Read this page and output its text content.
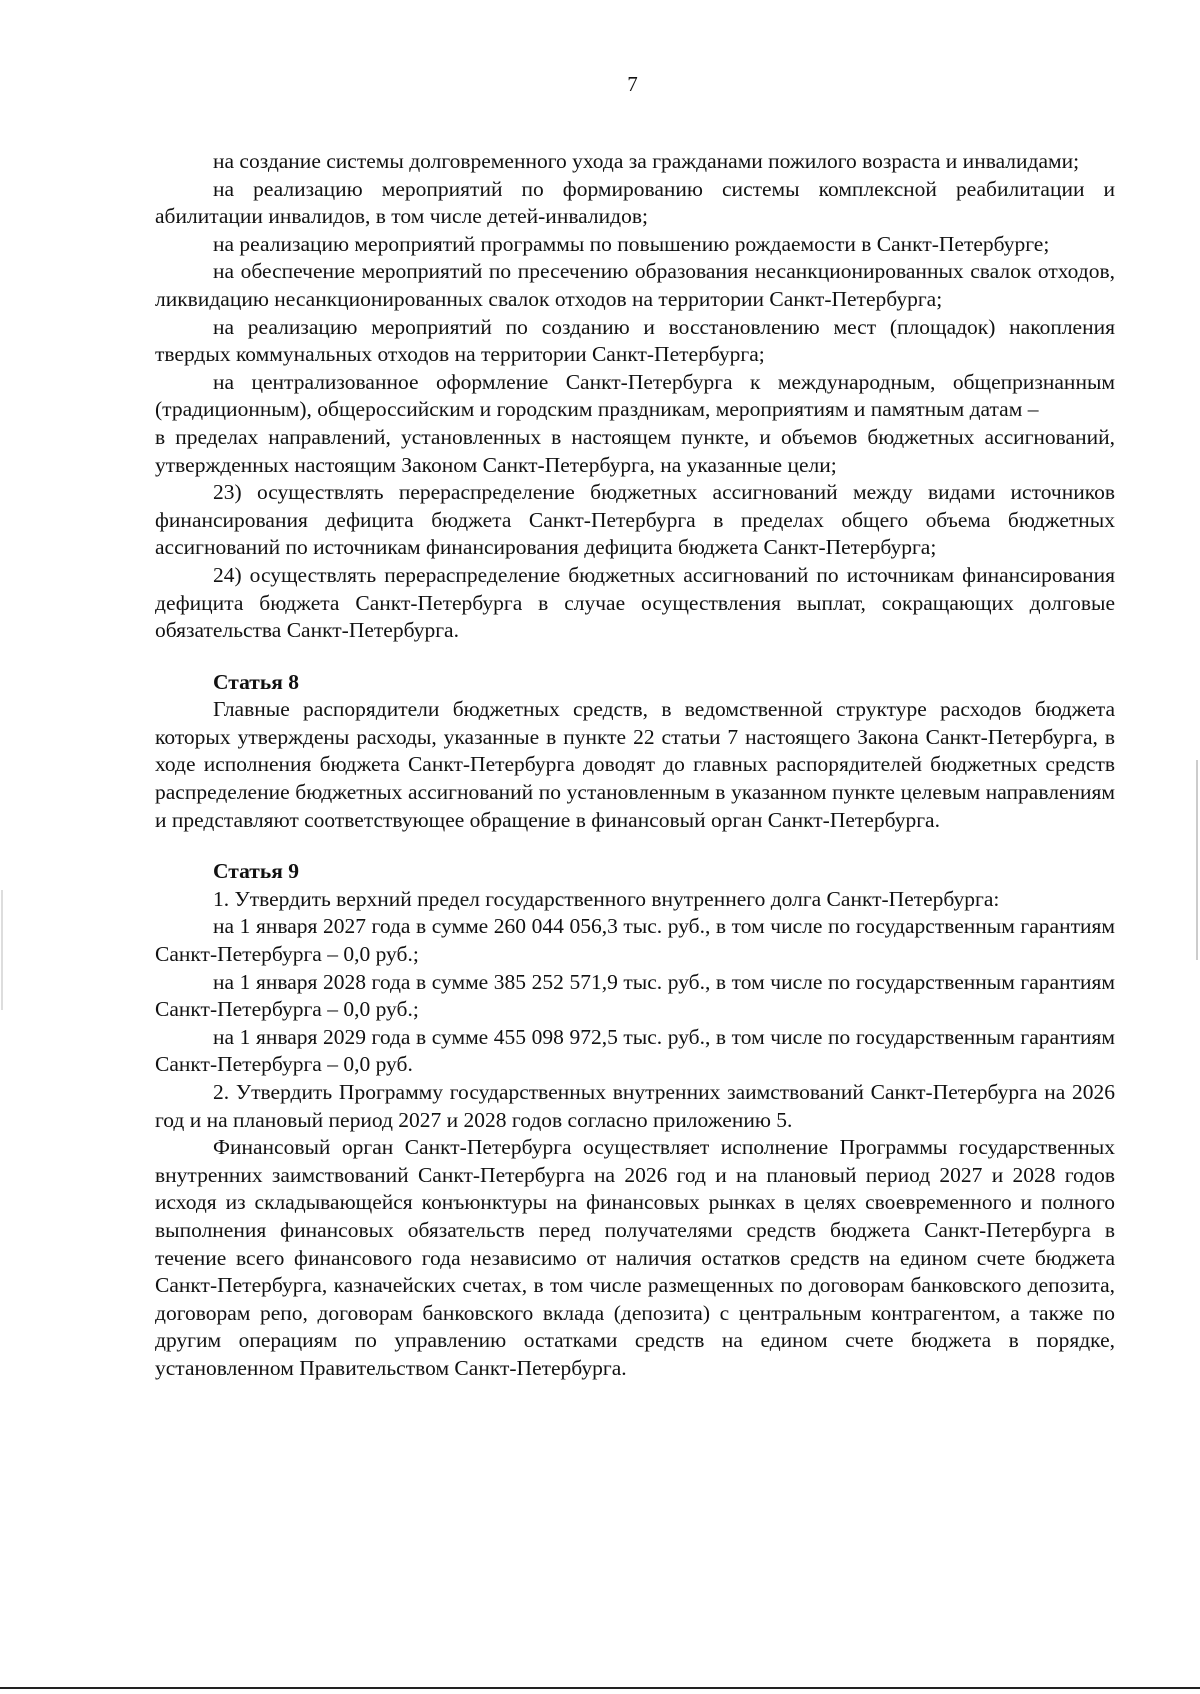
7

на создание системы долговременного ухода за гражданами пожилого возраста и инвалидами;

на реализацию мероприятий по формированию системы комплексной реабилитации и абилитации инвалидов, в том числе детей-инвалидов;

на реализацию мероприятий программы по повышению рождаемости в Санкт-Петербурге;

на обеспечение мероприятий по пресечению образования несанкционированных свалок отходов, ликвидацию несанкционированных свалок отходов на территории Санкт-Петербурга;

на реализацию мероприятий по созданию и восстановлению мест (площадок) накопления твердых коммунальных отходов на территории Санкт-Петербурга;

на централизованное оформление Санкт-Петербурга к международным, общепризнанным (традиционным), общероссийским и городским праздникам, мероприятиям и памятным датам –

в пределах направлений, установленных в настоящем пункте, и объемов бюджетных ассигнований, утвержденных настоящим Законом Санкт-Петербурга, на указанные цели;

23) осуществлять перераспределение бюджетных ассигнований между видами источников финансирования дефицита бюджета Санкт-Петербурга в пределах общего объема бюджетных ассигнований по источникам финансирования дефицита бюджета Санкт-Петербурга;

24) осуществлять перераспределение бюджетных ассигнований по источникам финансирования дефицита бюджета Санкт-Петербурга в случае осуществления выплат, сокращающих долговые обязательства Санкт-Петербурга.

Статья 8

Главные распорядители бюджетных средств, в ведомственной структуре расходов бюджета которых утверждены расходы, указанные в пункте 22 статьи 7 настоящего Закона Санкт-Петербурга, в ходе исполнения бюджета Санкт-Петербурга доводят до главных распорядителей бюджетных средств распределение бюджетных ассигнований по установленным в указанном пункте целевым направлениям и представляют соответствующее обращение в финансовый орган Санкт-Петербурга.

Статья 9

1. Утвердить верхний предел государственного внутреннего долга Санкт-Петербурга:

на 1 января 2027 года в сумме 260 044 056,3 тыс. руб., в том числе по государственным гарантиям Санкт-Петербурга – 0,0 руб.;

на 1 января 2028 года в сумме 385 252 571,9 тыс. руб., в том числе по государственным гарантиям Санкт-Петербурга – 0,0 руб.;

на 1 января 2029 года в сумме 455 098 972,5 тыс. руб., в том числе по государственным гарантиям Санкт-Петербурга – 0,0 руб.

2. Утвердить Программу государственных внутренних заимствований Санкт-Петербурга на 2026 год и на плановый период 2027 и 2028 годов согласно приложению 5.

Финансовый орган Санкт-Петербурга осуществляет исполнение Программы государственных внутренних заимствований Санкт-Петербурга на 2026 год и на плановый период 2027 и 2028 годов исходя из складывающейся конъюнктуры на финансовых рынках в целях своевременного и полного выполнения финансовых обязательств перед получателями средств бюджета Санкт-Петербурга в течение всего финансового года независимо от наличия остатков средств на едином счете бюджета Санкт-Петербурга, казначейских счетах, в том числе размещенных по договорам банковского депозита, договорам репо, договорам банковского вклада (депозита) с центральным контрагентом, а также по другим операциям по управлению остатками средств на едином счете бюджета в порядке, установленном Правительством Санкт-Петербурга.
